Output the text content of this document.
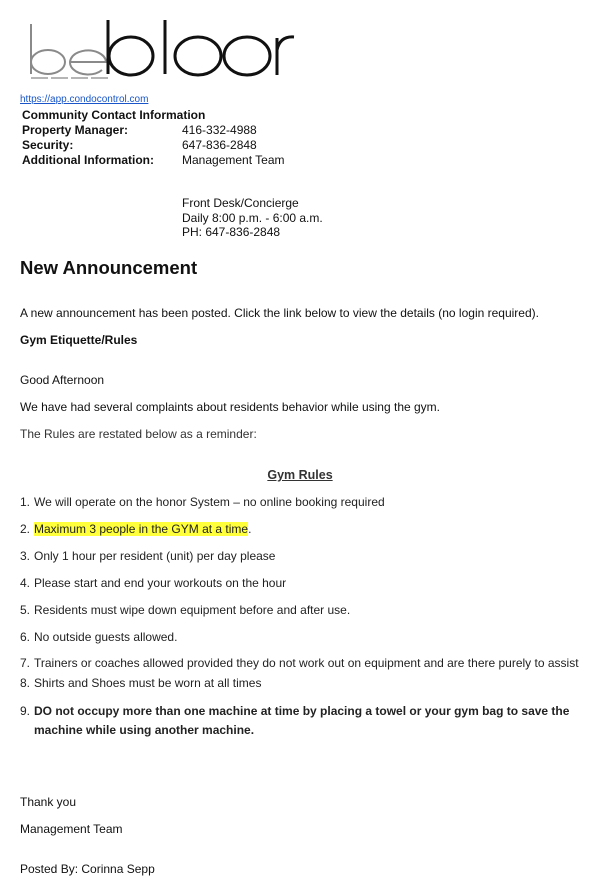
https://app.condocontrol.com
Community Contact Information
Property Manager:	416-332-4988
Security:	647-836-2848
Additional Information:	Management Team
Front Desk/Concierge
Daily 8:00 p.m. - 6:00 a.m.
PH: 647-836-2848
New Announcement
A new announcement has been posted. Click the link below to view the details (no login required).
Gym Etiquette/Rules
Good Afternoon
We have had several complaints about residents behavior while using the gym.
The Rules are restated below as a reminder:
Gym Rules
1. We will operate on the honor System – no online booking required
2. Maximum 3 people in the GYM at a time.
3. Only 1 hour per resident (unit) per day please
4. Please start and end your workouts on the hour
5. Residents must wipe down equipment before and after use.
6. No outside guests allowed.
7. Trainers or coaches allowed provided they do not work out on equipment and are there purely to assist
8. Shirts and Shoes must be worn at all times
9. DO not occupy more than one machine at time by placing a towel or your gym bag to save the machine while using another machine.
Thank you
Management Team
Posted By: Corinna Sepp
